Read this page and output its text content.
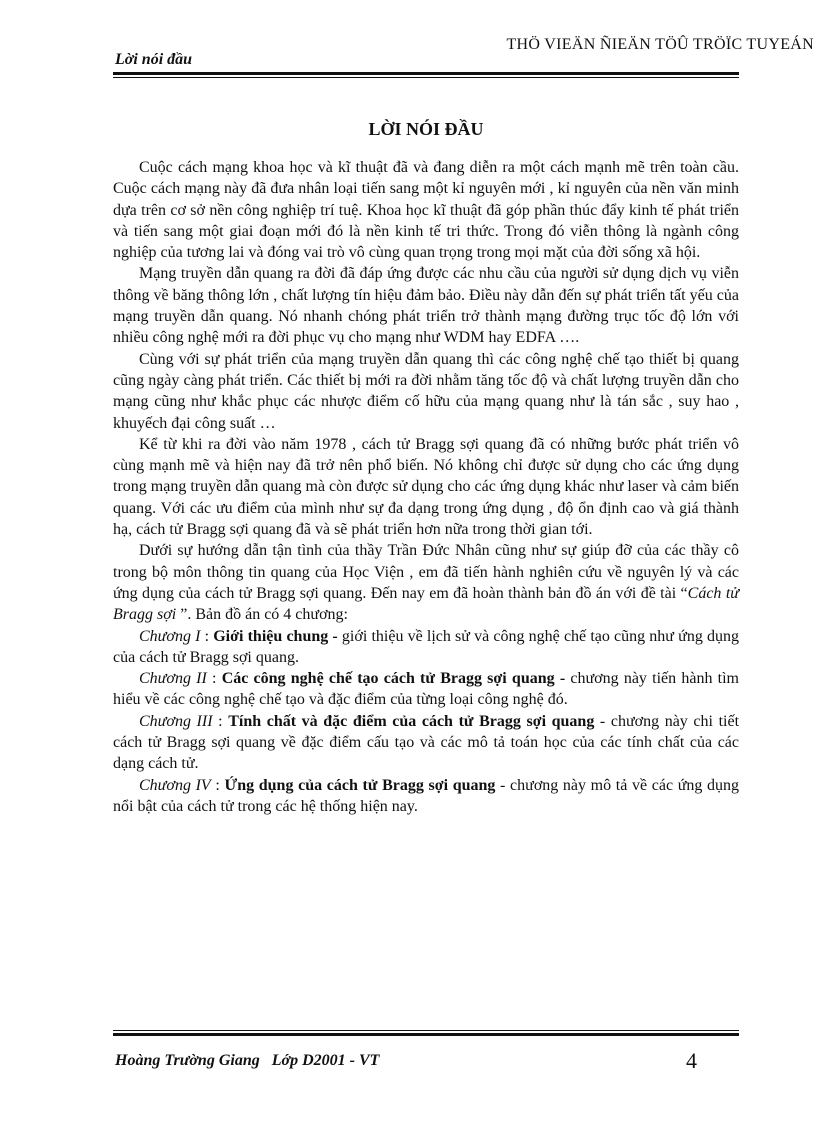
THÖ VIEÄN ÑIEÄN TÖÛ TRÖÏC TUYEÁN
Lời nói đầu
LỜI NÓI ĐẦU

Cuộc cách mạng khoa học và kĩ thuật đã và đang diễn ra một cách mạnh mẽ trên toàn cầu. Cuộc cách mạng này đã đưa nhân loại tiến sang một kỉ nguyên mới , kỉ nguyên của nền văn minh dựa trên cơ sở nền công nghiệp trí tuệ. Khoa học kĩ thuật đã góp phần thúc đẩy kinh tế phát triển và tiến sang một giai đoạn mới đó là nền kinh tế tri thức. Trong đó viễn thông là ngành công nghiệp của tương lai và đóng vai trò vô cùng quan trọng trong mọi mặt của đời sống xã hội.

Mạng truyền dẫn quang ra đời đã đáp ứng được các nhu cầu của người sử dụng dịch vụ viễn thông về băng thông lớn , chất lượng tín hiệu đảm bảo. Điều này dẫn đến sự phát triển tất yếu của mạng truyền dẫn quang. Nó nhanh chóng phát triển trở thành mạng đường trục tốc độ lớn với nhiều công nghệ mới ra đời phục vụ cho mạng như WDM hay EDFA ….

Cùng với sự phát triển của mạng truyền dẫn quang thì các công nghệ chế tạo thiết bị quang cũng ngày càng phát triển. Các thiết bị mới ra đời nhằm tăng tốc độ và chất lượng truyền dẫn cho mạng cũng như khắc phục các nhược điểm cố hữu của mạng quang như là tán sắc , suy hao , khuyếch đại công suất …

Kể từ khi ra đời vào năm 1978 , cách tử Bragg sợi quang đã có những bước phát triển vô cùng mạnh mẽ và hiện nay đã trở nên phổ biến. Nó không chỉ được sử dụng cho các ứng dụng trong mạng truyền dẫn quang mà còn được sử dụng cho các ứng dụng khác như laser và cảm biến quang. Với các ưu điểm của mình như sự đa dạng trong ứng dụng , độ ổn định cao và giá thành hạ, cách tử Bragg sợi quang đã và sẽ phát triển hơn nữa trong thời gian tới.

Dưới sự hướng dẫn tận tình của thầy Trần Đức Nhân cũng như sự giúp đỡ của các thầy cô trong bộ môn thông tin quang của Học Viện , em đã tiến hành nghiên cứu về nguyên lý và các ứng dụng của cách tử Bragg sợi quang. Đến nay em đã hoàn thành bản đồ án với đề tài “Cách tử Bragg sợi ”. Bản đồ án có 4 chương:

Chương I : Giới thiệu chung - giới thiệu về lịch sử và công nghệ chế tạo cũng như ứng dụng của cách tử Bragg sợi quang.

Chương II : Các công nghệ chế tạo cách tử Bragg sợi quang - chương này tiến hành tìm hiểu về các công nghệ chế tạo và đặc điểm của từng loại công nghệ đó.

Chương III : Tính chất và đặc điểm của cách tử Bragg sợi quang - chương này chi tiết cách tử Bragg sợi quang về đặc điểm cấu tạo và các mô tả toán học của các tính chất của các dạng cách tử.

Chương IV : Ứng dụng của cách tử Bragg sợi quang - chương này mô tả về các ứng dụng nổi bật của cách tử trong các hệ thống hiện nay.

Hoàng Trường Giang   Lớp D2001 - VT	4
